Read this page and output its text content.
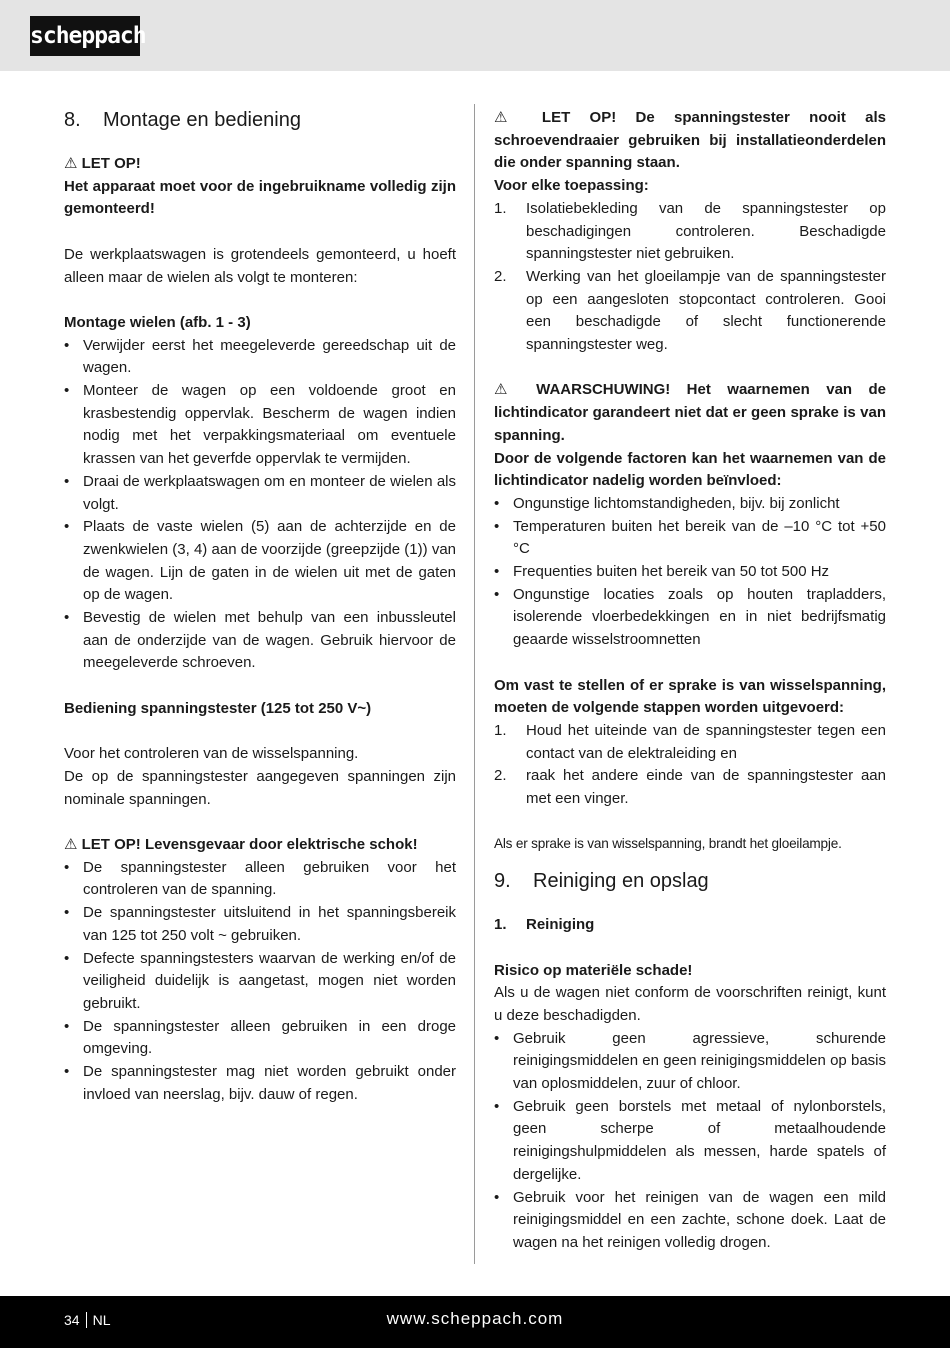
scheppach
8.	Montage en bediening

⚠ LET OP!

Het apparaat moet voor de ingebruikname volledig zijn gemonteerd!

De werkplaatswagen is grotendeels gemonteerd, u hoeft alleen maar de wielen als volgt te monteren:

Montage wielen (afb. 1 - 3)

• Verwijder eerst het meegeleverde gereedschap uit de wagen.
• Monteer de wagen op een voldoende groot en krasbestendig oppervlak. Bescherm de wagen indien nodig met het verpakkingsmateriaal om eventuele krassen van het geverfde oppervlak te vermijden.
• Draai de werkplaatswagen om en monteer de wielen als volgt.
• Plaats de vaste wielen (5) aan de achterzijde en de zwenkwielen (3, 4) aan de voorzijde (greepzijde (1)) van de wagen. Lijn de gaten in de wielen uit met de gaten op de wagen.
• Bevestig de wielen met behulp van een inbussleutel aan de onderzijde van de wagen. Gebruik hiervoor de meegeleverde schroeven.

Bediening spanningstester (125 tot 250 V~)

Voor het controleren van de wisselspanning.

De op de spanningstester aangegeven spanningen zijn nominale spanningen.

⚠ LET OP! Levensgevaar door elektrische schok!

• De spanningstester alleen gebruiken voor het controleren van de spanning.
• De spanningstester uitsluitend in het spanningsbereik van 125 tot 250 volt ~ gebruiken.
• Defecte spanningstesters waarvan de werking en/of de veiligheid duidelijk is aangetast, mogen niet worden gebruikt.
• De spanningstester alleen gebruiken in een droge omgeving.
• De spanningstester mag niet worden gebruikt onder invloed van neerslag, bijv. dauw of regen.

⚠ LET OP! De spanningstester nooit als schroevendraaier gebruiken bij installatieonderdelen die onder spanning staan.

Voor elke toepassing:

1. Isolatiebekleding van de spanningstester op beschadigingen controleren. Beschadigde spanningstester niet gebruiken.
2. Werking van het gloeilampje van de spanningstester op een aangesloten stopcontact controleren. Gooi een beschadigde of slecht functionerende spanningstester weg.

⚠ WAARSCHUWING! Het waarnemen van de lichtindicator garandeert niet dat er geen sprake is van spanning.

Door de volgende factoren kan het waarnemen van de lichtindicator nadelig worden beïnvloed:

• Ongunstige lichtomstandigheden, bijv. bij zonlicht
• Temperaturen buiten het bereik van de –10 °C tot +50 °C
• Frequenties buiten het bereik van 50 tot 500 Hz
• Ongunstige locaties zoals op houten trapladders, isolerende vloerbedekkingen en in niet bedrijfsmatig geaarde wisselstroomnetten

Om vast te stellen of er sprake is van wisselspanning, moeten de volgende stappen worden uitgevoerd:

1. Houd het uiteinde van de spanningstester tegen een contact van de elektraleiding en
2. raak het andere einde van de spanningstester aan met een vinger.

Als er sprake is van wisselspanning, brandt het gloeilampje.

9.	Reiniging en opslag
1.	Reiniging

Risico op materiële schade!

Als u de wagen niet conform de voorschriften reinigt, kunt u deze beschadigden.

• Gebruik geen agressieve, schurende reinigingsmiddelen en geen reinigingsmiddelen op basis van oplosmiddelen, zuur of chloor.
• Gebruik geen borstels met metaal of nylonborstels, geen scherpe of metaalhoudende reinigingshulpmiddelen als messen, harde spatels of dergelijke.
• Gebruik voor het reinigen van de wagen een mild reinigingsmiddel en een zachte, schone doek. Laat de wagen na het reinigen volledig drogen.
34 NL	www.scheppach.com
